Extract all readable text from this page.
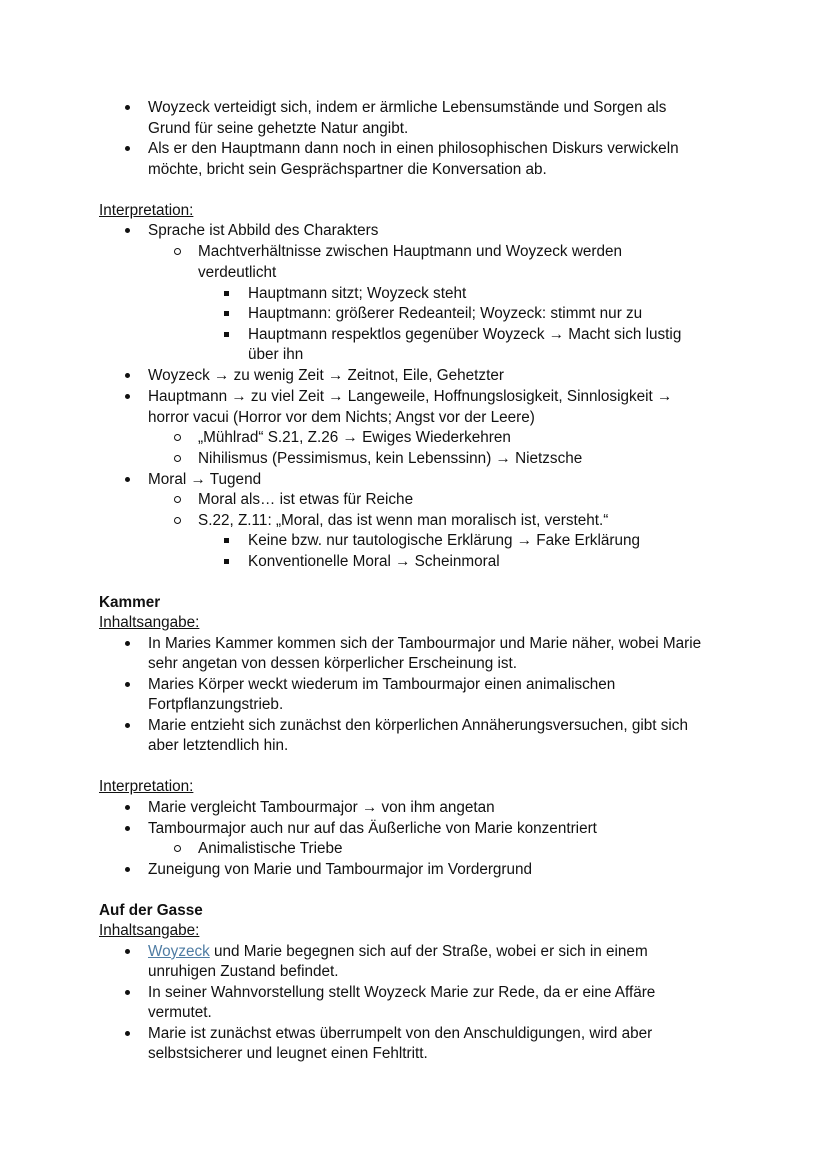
Woyzeck verteidigt sich, indem er ärmliche Lebensumstände und Sorgen als
Grund für seine gehetzte Natur angibt.
Als er den Hauptmann dann noch in einen philosophischen Diskurs verwickeln
möchte, bricht sein Gesprächspartner die Konversation ab.
Interpretation:
Sprache ist Abbild des Charakters
Machtverhältnisse zwischen Hauptmann und Woyzeck werden
verdeutlicht
Hauptmann sitzt; Woyzeck steht
Hauptmann: größerer Redeanteil; Woyzeck: stimmt nur zu
Hauptmann respektlos gegenüber Woyzeck → Macht sich lustig
über ihn
Woyzeck → zu wenig Zeit → Zeitnot, Eile, Gehetzter
Hauptmann → zu viel Zeit → Langeweile, Hoffnungslosigkeit, Sinnlosigkeit →
horror vacui (Horror vor dem Nichts; Angst vor der Leere)
„Mühlrad“ S.21, Z.26 → Ewiges Wiederkehren
Nihilismus (Pessimismus, kein Lebenssinn) → Nietzsche
Moral → Tugend
Moral als… ist etwas für Reiche
S.22, Z.11: „Moral, das ist wenn man moralisch ist, versteht.“
Keine bzw. nur tautologische Erklärung → Fake Erklärung
Konventionelle Moral → Scheinmoral
Kammer
Inhaltsangabe:
In Maries Kammer kommen sich der Tambourmajor und Marie näher, wobei Marie
sehr angetan von dessen körperlicher Erscheinung ist.
Maries Körper weckt wiederum im Tambourmajor einen animalischen
Fortpflanzungstrieb.
Marie entzieht sich zunächst den körperlichen Annäherungsversuchen, gibt sich
aber letztendlich hin.
Interpretation:
Marie vergleicht Tambourmajor → von ihm angetan
Tambourmajor auch nur auf das Äußerliche von Marie konzentriert
Animalistische Triebe
Zuneigung von Marie und Tambourmajor im Vordergrund
Auf der Gasse
Inhaltsangabe:
Woyzeck und Marie begegnen sich auf der Straße, wobei er sich in einem
unruhigen Zustand befindet.
In seiner Wahnvorstellung stellt Woyzeck Marie zur Rede, da er eine Affäre
vermutet.
Marie ist zunächst etwas überrumpelt von den Anschuldigungen, wird aber
selbstsicherer und leugnet einen Fehltritt.
